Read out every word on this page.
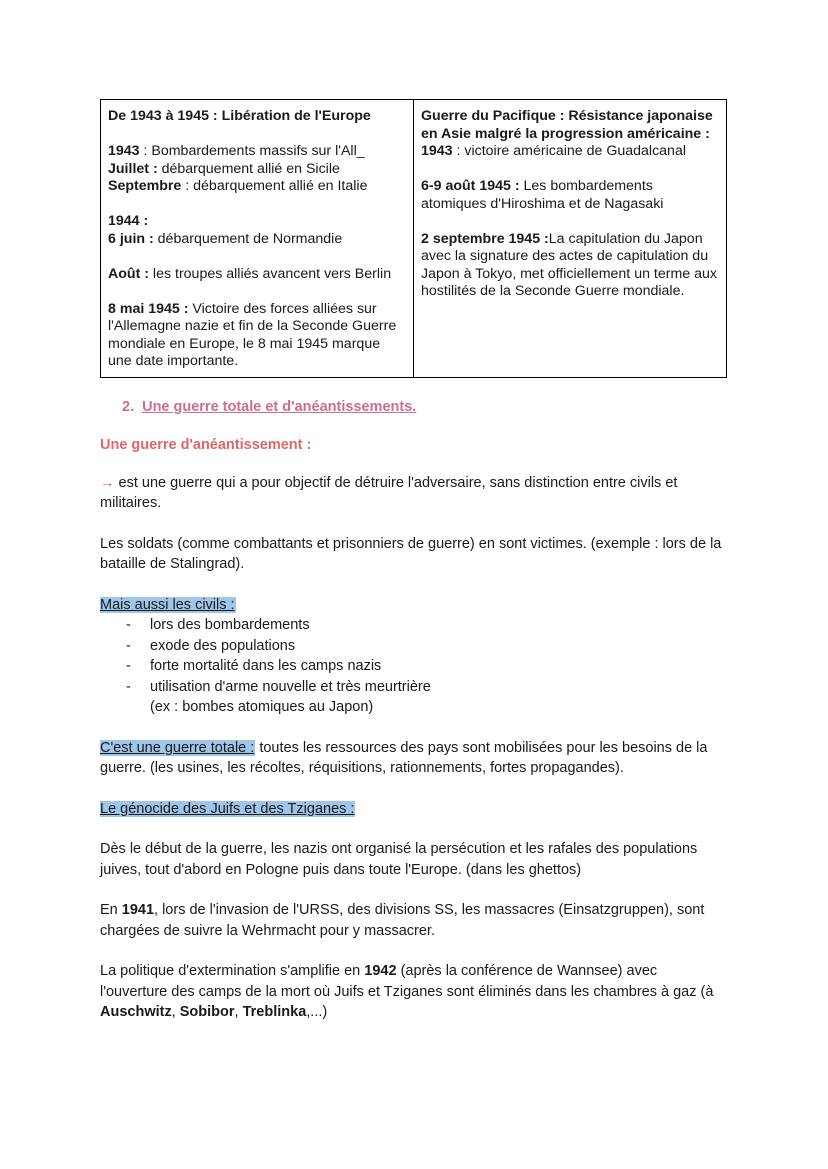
De 1943 à 1945 : Libération de l'Europe
1943 : Bombardements massifs sur l'All_
Juillet : débarquement allié en Sicile
Septembre : débarquement allié en Italie
1944 :
6 juin : débarquement de Normandie
Août : les troupes alliés avancent vers Berlin
8 mai 1945 : Victoire des forces alliées sur l'Allemagne nazie et fin de la Seconde Guerre mondiale en Europe, le 8 mai 1945 marque une date importante.

Guerre du Pacifique : Résistance japonaise en Asie malgré la progression américaine :
1943 : victoire américaine de Guadalcanal
6-9 août 1945 : Les bombardements atomiques d'Hiroshima et de Nagasaki
2 septembre 1945 :La capitulation du Japon avec la signature des actes de capitulation du Japon à Tokyo, met officiellement un terme aux hostilités de la Seconde Guerre mondiale.
2. Une guerre totale et d'anéantissements.
Une guerre d'anéantissement :

→ est une guerre qui a pour objectif de détruire l'adversaire, sans distinction entre civils et militaires.

Les soldats (comme combattants et prisonniers de guerre) en sont victimes. (exemple : lors de la bataille de Stalingrad).

Mais aussi les civils :

- lors des bombardements
- exode des populations
- forte mortalité dans les camps nazis
- utilisation d'arme nouvelle et très meurtrière
(ex : bombes atomiques au Japon)

C'est une guerre totale : toutes les ressources des pays sont mobilisées pour les besoins de la guerre. (les usines, les récoltes, réquisitions, rationnements, fortes propagandes).

Le génocide des Juifs et des Tziganes :

Dès le début de la guerre, les nazis ont organisé la persécution et les rafales des populations juives, tout d'abord en Pologne puis dans toute l'Europe. (dans les ghettos)

En 1941, lors de l'invasion de l'URSS, des divisions SS, les massacres (Einsatzgruppen), sont chargées de suivre la Wehrmacht pour y massacrer.

La politique d'extermination s'amplifie en 1942 (après la conférence de Wannsee) avec l'ouverture des camps de la mort où Juifs et Tziganes sont éliminés dans les chambres à gaz (à Auschwitz, Sobibor, Treblinka,...)
